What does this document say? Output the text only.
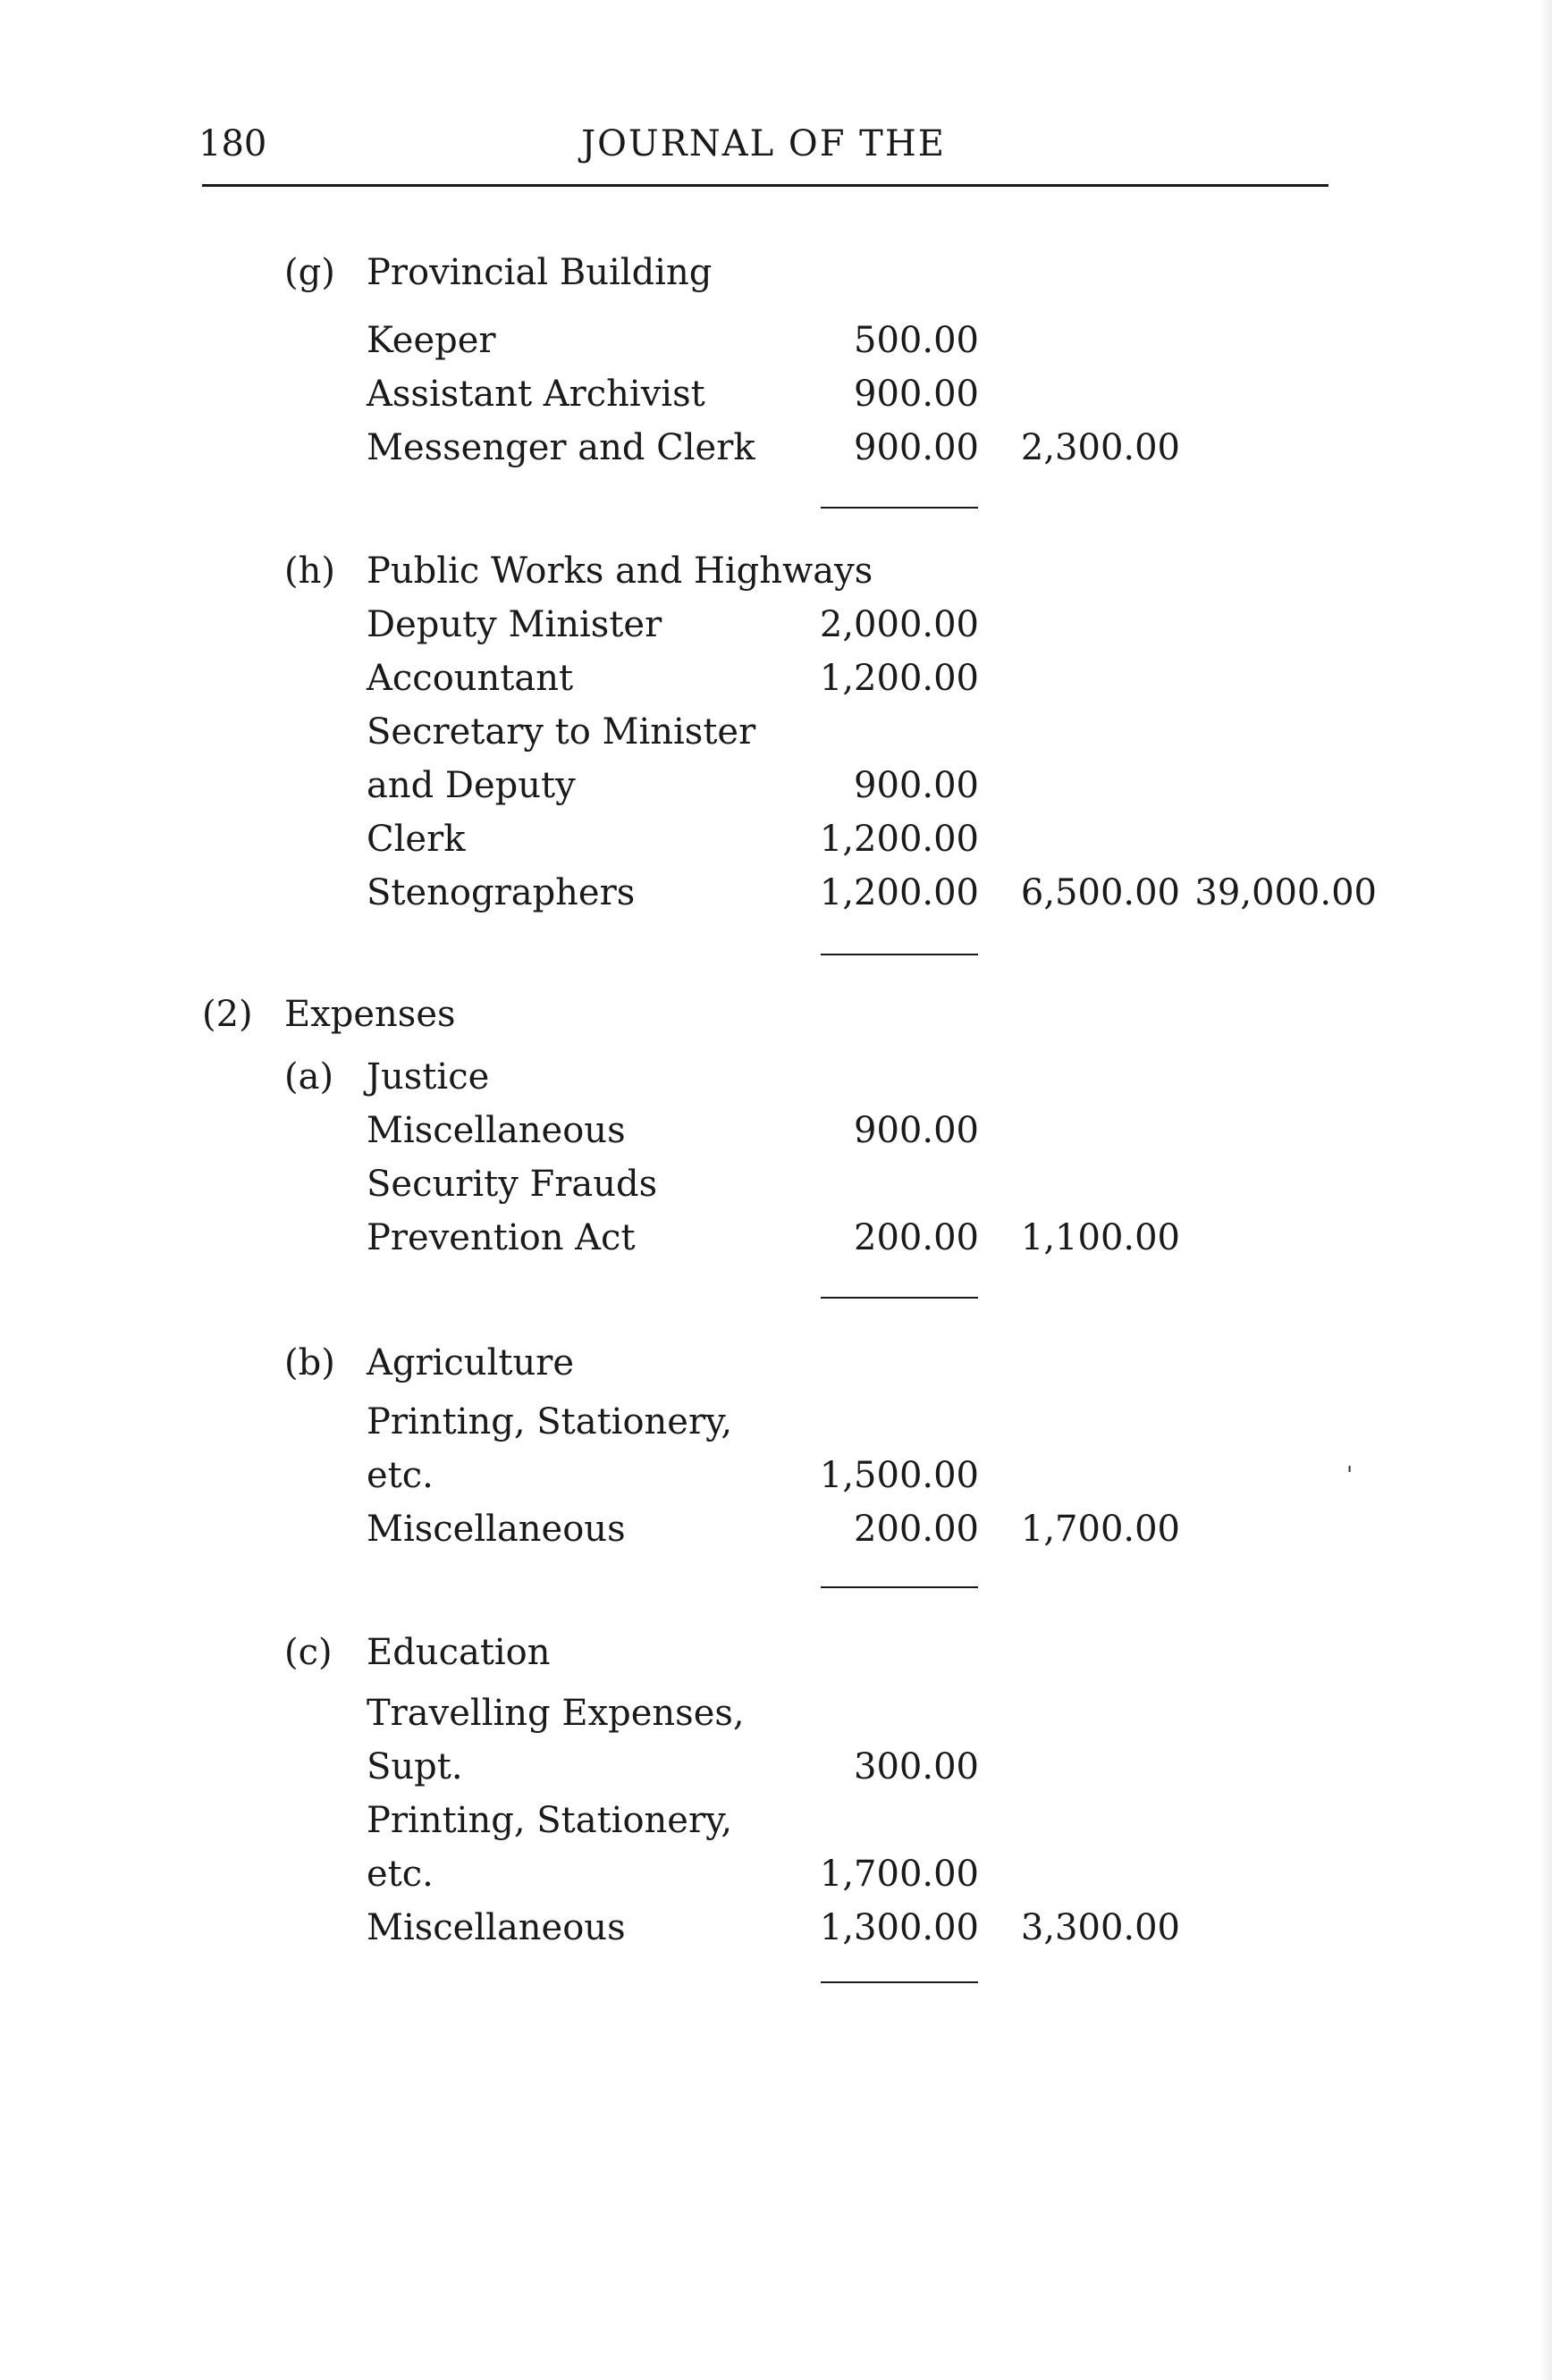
180	JOURNAL OF THE
(g) Provincial Building
Keeper	500.00
Assistant Archivist	900.00
Messenger and Clerk	900.00	2,300.00
(h) Public Works and Highways
Deputy Minister	2,000.00
Accountant	1,200.00
Secretary to Minister
and Deputy	900.00
Clerk	1,200.00
Stenographers	1,200.00	6,500.00 39,000.00
(2) Expenses
(a) Justice
Miscellaneous	900.00
Security Frauds
Prevention Act	200.00	1,100.00
(b) Agriculture
Printing, Stationery,
etc.	1,500.00
Miscellaneous	200.00	1,700.00
(c) Education
Travelling Expenses,
Supt.	300.00
Printing, Stationery,
etc.	1,700.00
Miscellaneous	1,300.00	3,300.00
'
